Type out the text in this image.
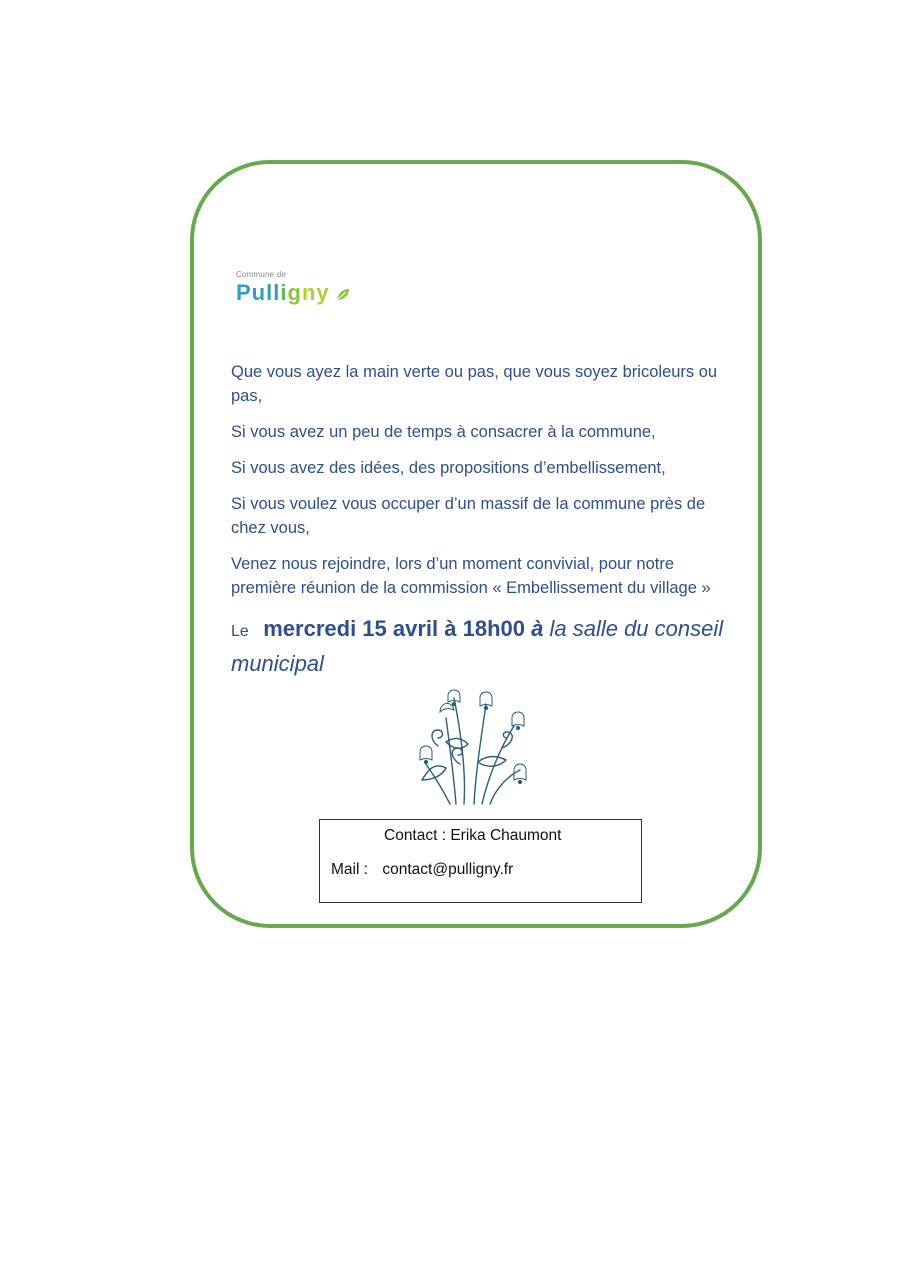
Commune de
Pulligny

Que vous ayez la main verte ou pas, que vous soyez bricoleurs ou pas,

Si vous avez un peu de temps à consacrer à la commune,

Si vous avez des idées, des propositions d’embellissement,

Si vous voulez vous occuper d’un massif de la commune près de chez vous,

Venez nous rejoindre, lors d’un moment convivial, pour notre première réunion de la commission « Embellissement du village »

Le mercredi 15 avril à 18h00 à la salle du conseil municipal
Contact : Erika Chaumont
Mail : contact@pulligny.fr
